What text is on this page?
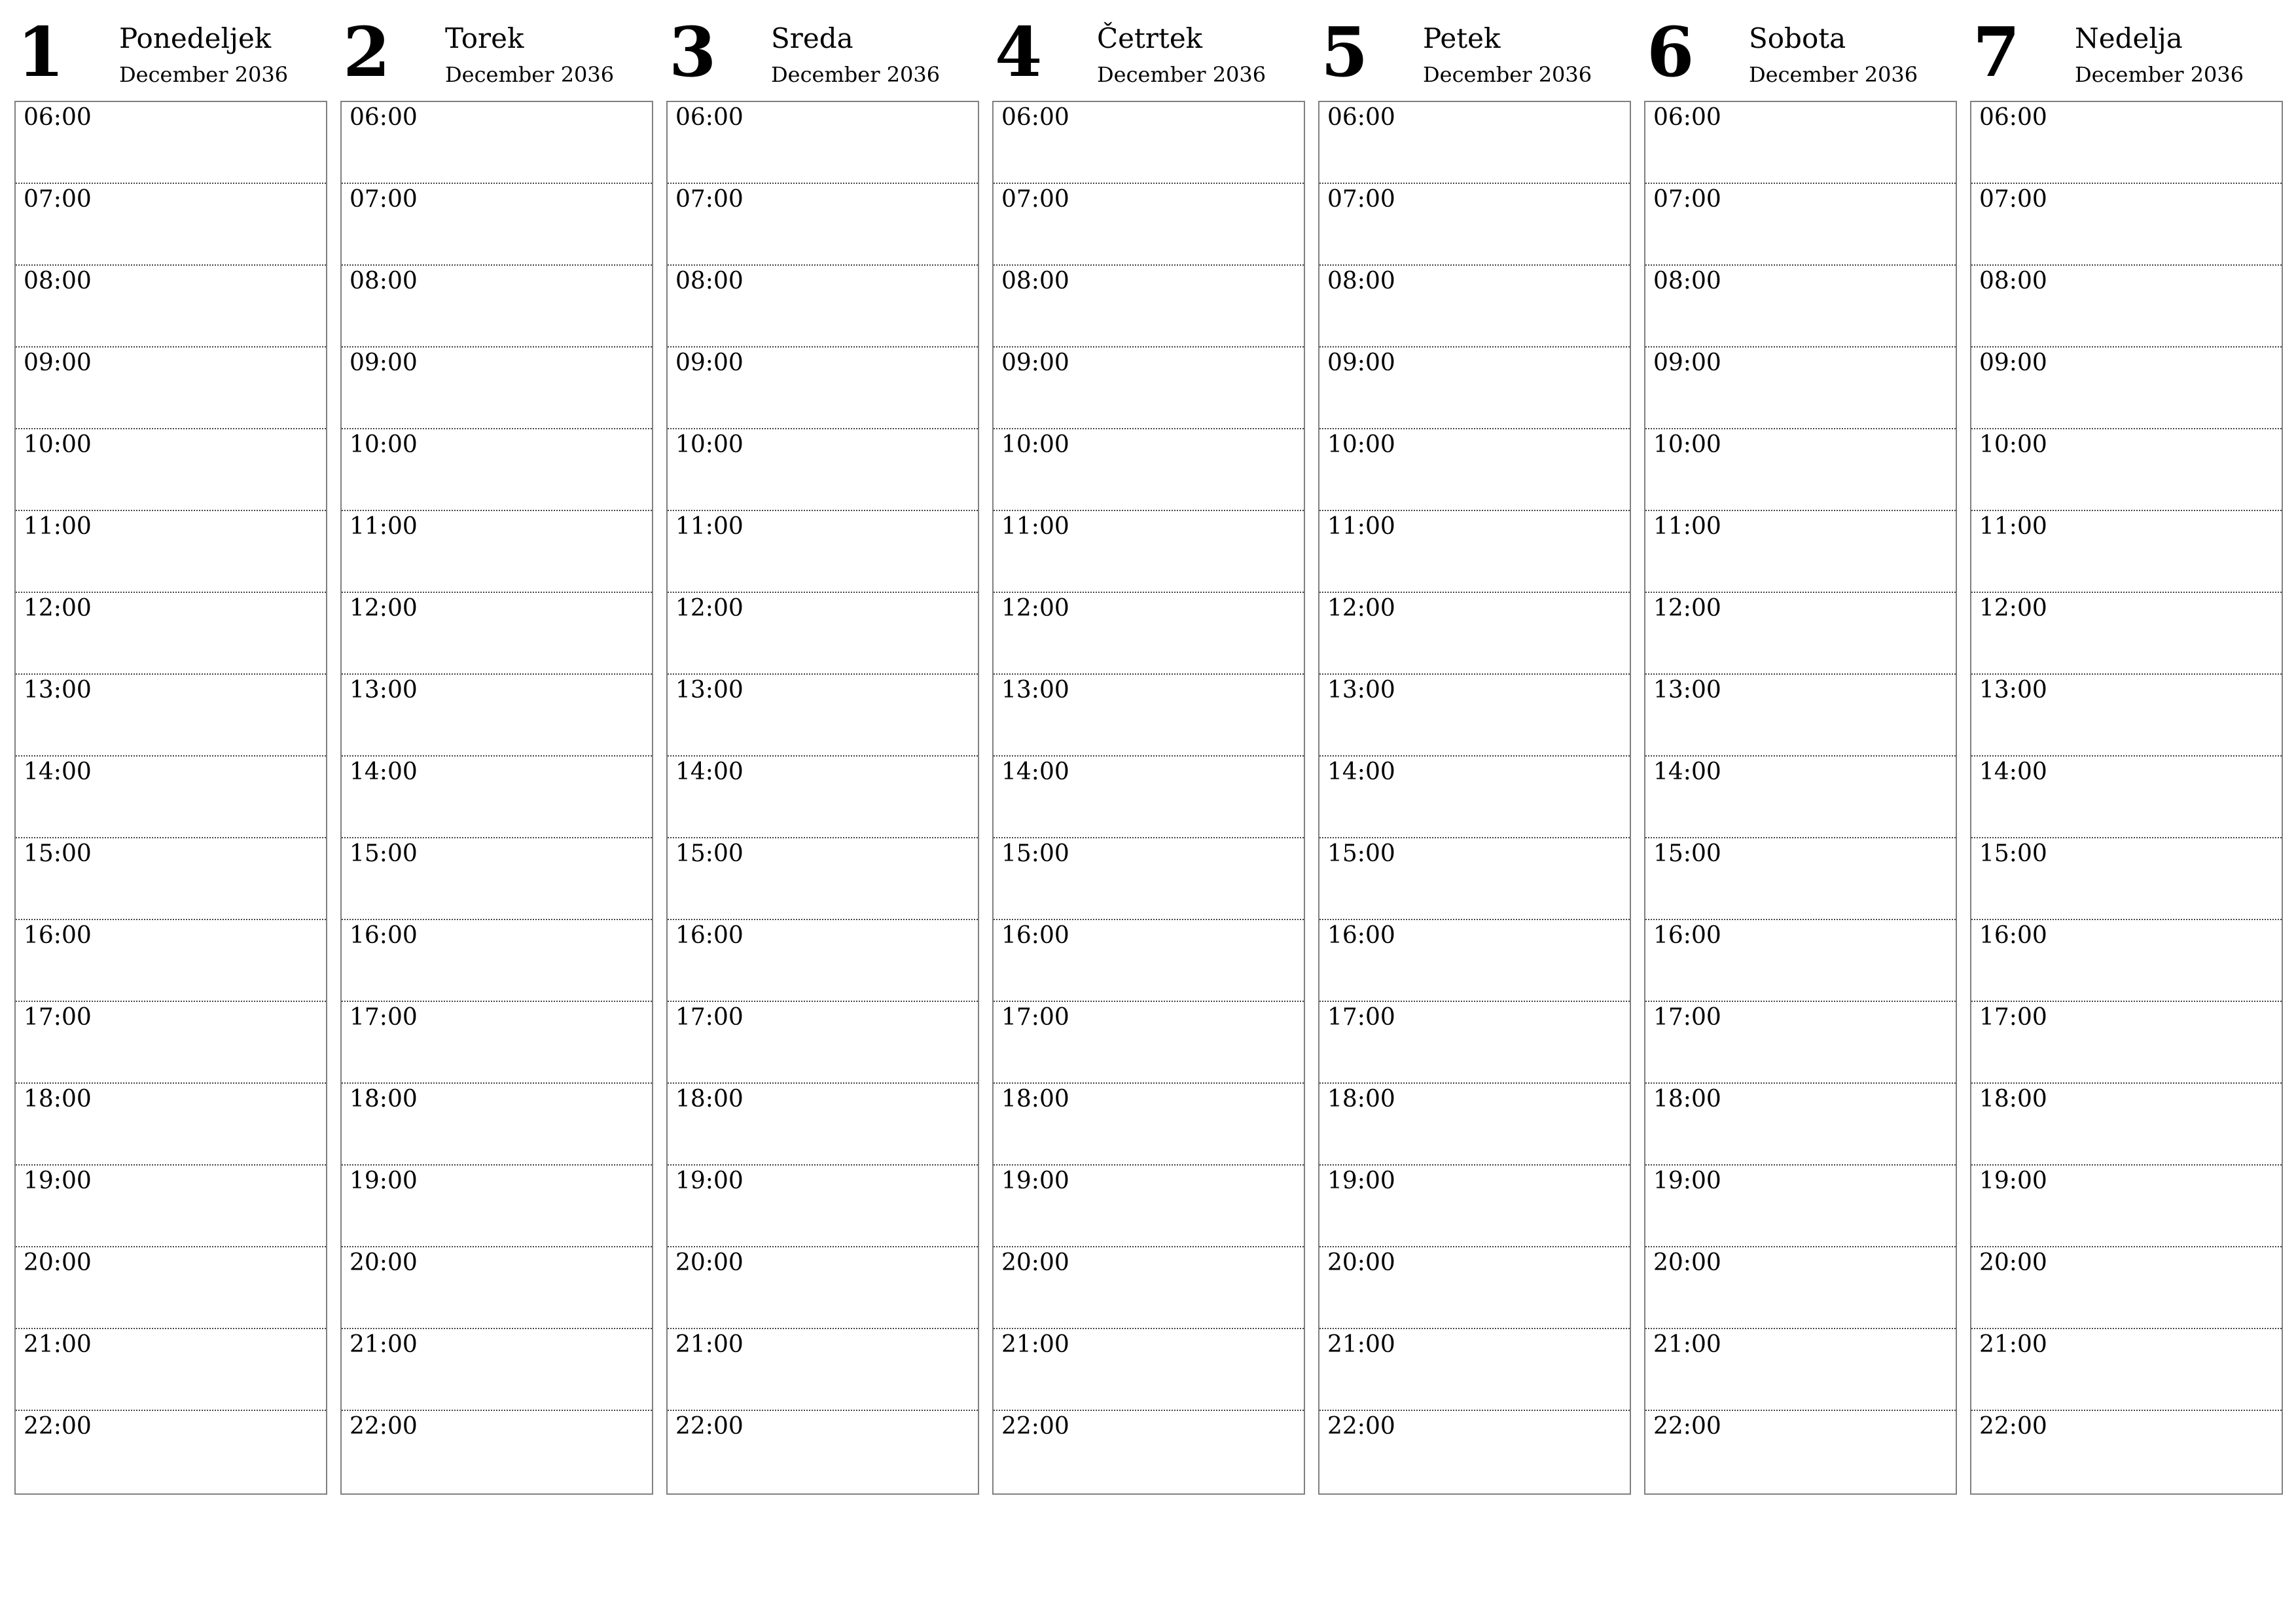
1 Ponedeljek
December 2036
06:00
07:00
08:00
09:00
10:00
11:00
12:00
13:00
14:00
15:00
16:00
17:00
18:00
19:00
20:00
21:00
22:00
2 Torek
December 2036
06:00
07:00
08:00
09:00
10:00
11:00
12:00
13:00
14:00
15:00
16:00
17:00
18:00
19:00
20:00
21:00
22:00
3 Sreda
December 2036
06:00
07:00
08:00
09:00
10:00
11:00
12:00
13:00
14:00
15:00
16:00
17:00
18:00
19:00
20:00
21:00
22:00
4 Četrtek
December 2036
06:00
07:00
08:00
09:00
10:00
11:00
12:00
13:00
14:00
15:00
16:00
17:00
18:00
19:00
20:00
21:00
22:00
5 Petek
December 2036
06:00
07:00
08:00
09:00
10:00
11:00
12:00
13:00
14:00
15:00
16:00
17:00
18:00
19:00
20:00
21:00
22:00
6 Sobota
December 2036
06:00
07:00
08:00
09:00
10:00
11:00
12:00
13:00
14:00
15:00
16:00
17:00
18:00
19:00
20:00
21:00
22:00
7 Nedelja
December 2036
06:00
07:00
08:00
09:00
10:00
11:00
12:00
13:00
14:00
15:00
16:00
17:00
18:00
19:00
20:00
21:00
22:00
